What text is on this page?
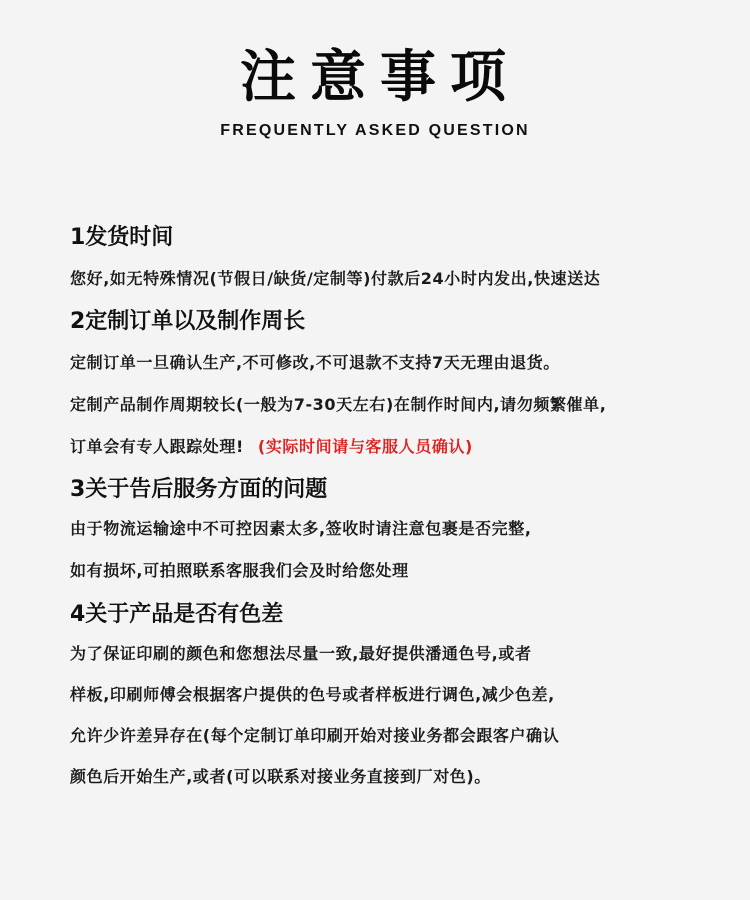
注意事项
FREQUENTLY ASKED QUESTION
1发货时间
您好,如无特殊情况(节假日/缺货/定制等)付款后24小时内发出,快速送达
2定制订单以及制作周长
定制订单一旦确认生产,不可修改,不可退款不支持7天无理由退货。
定制产品制作周期较长(一般为7-30天左右)在制作时间内,请勿频繁催单,
订单会有专人跟踪处理! (实际时间请与客服人员确认)
3关于告后服务方面的问题
由于物流运输途中不可控因素太多,签收时请注意包裹是否完整,
如有损坏,可拍照联系客服我们会及时给您处理
4关于产品是否有色差
为了保证印刷的颜色和您想法尽量一致,最好提供潘通色号,或者
样板,印刷师傅会根据客户提供的色号或者样板进行调色,减少色差,
允许少许差异存在(每个定制订单印刷开始对接业务都会跟客户确认
颜色后开始生产,或者(可以联系对接业务直接到厂对色)。
